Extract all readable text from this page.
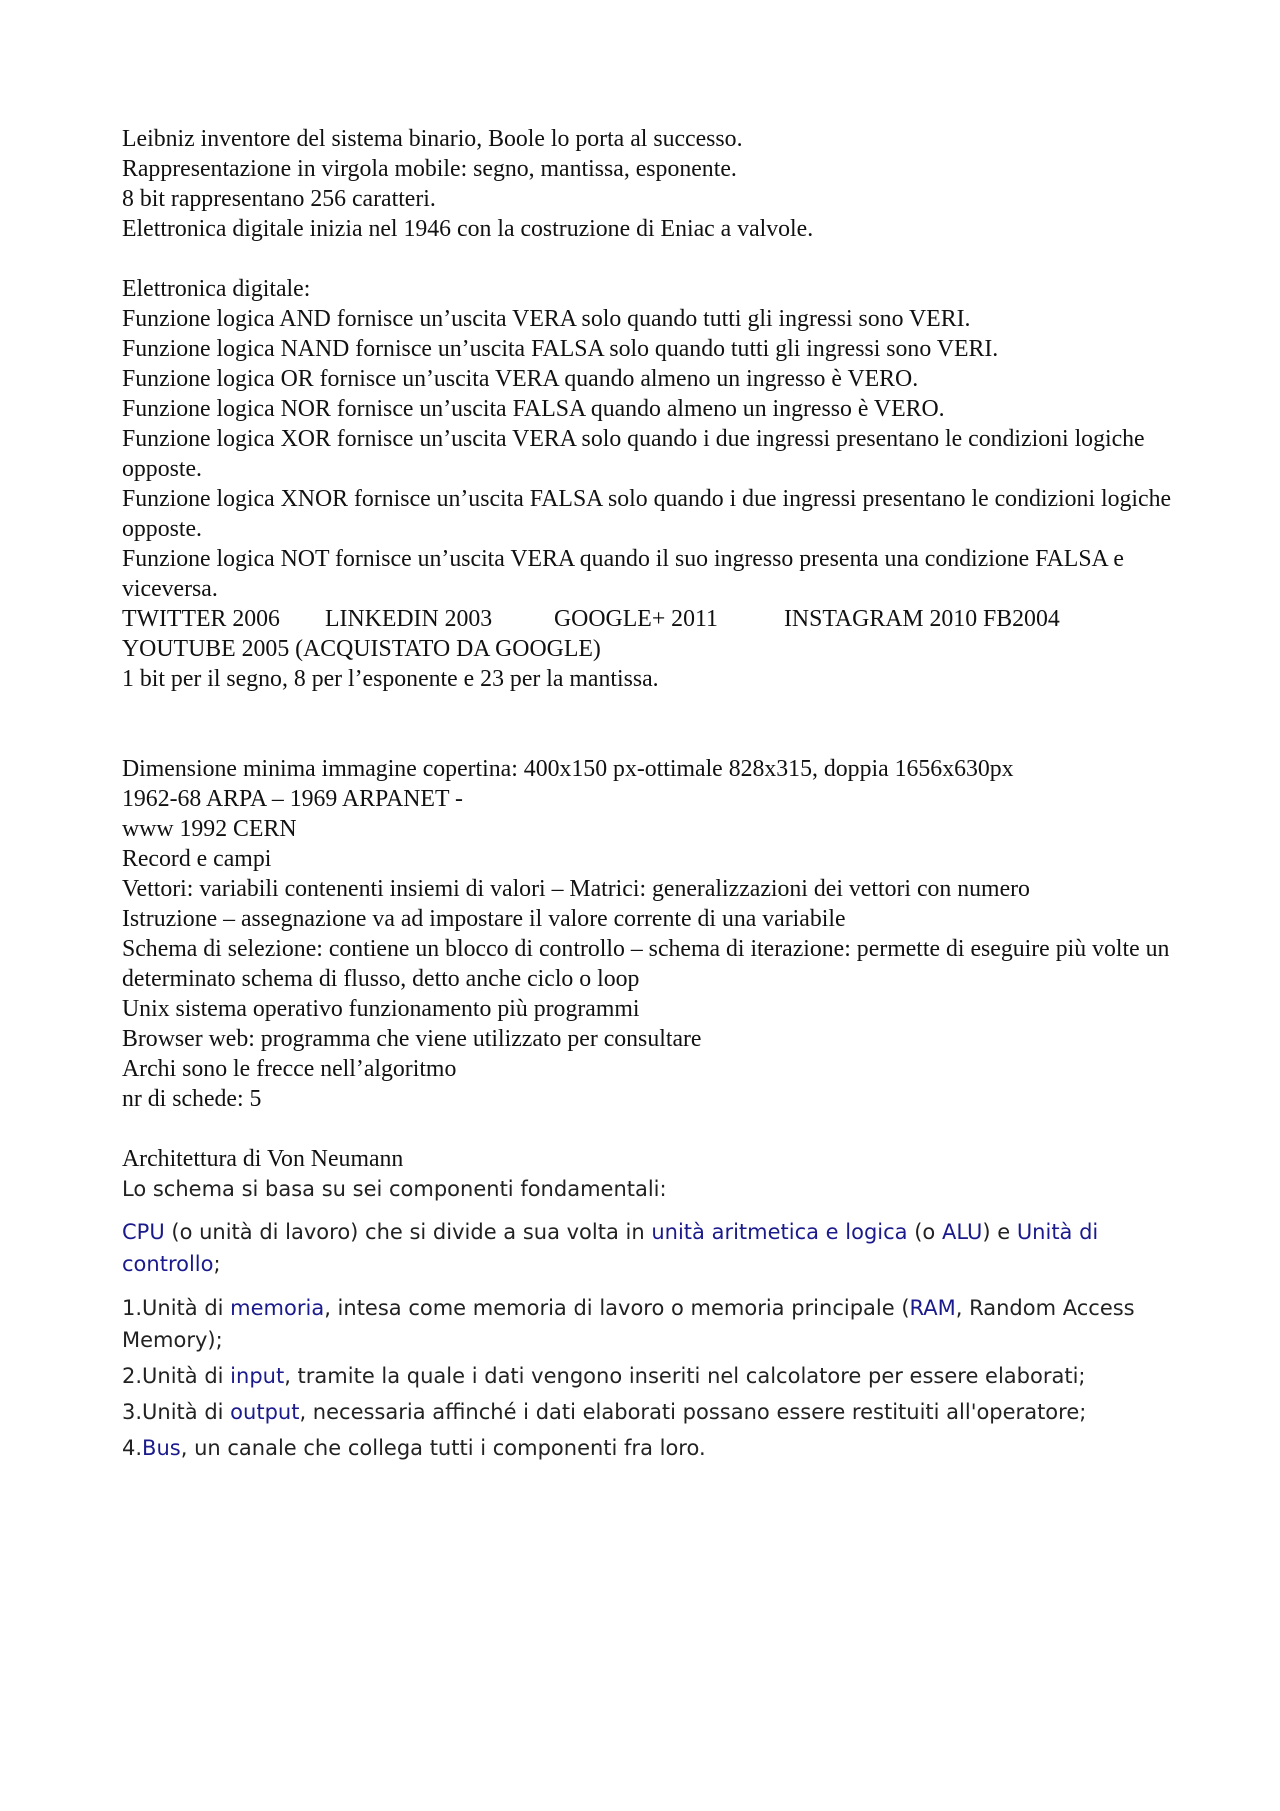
Leibniz inventore del sistema binario, Boole lo porta al successo.

Rappresentazione in virgola mobile: segno, mantissa, esponente.

8 bit rappresentano 256 caratteri.

Elettronica digitale inizia nel 1946 con la costruzione di Eniac a valvole.

Elettronica digitale:

Funzione logica AND fornisce un’uscita VERA solo quando tutti gli ingressi sono VERI.

Funzione logica NAND fornisce un’uscita FALSA solo quando tutti gli ingressi sono VERI.

Funzione logica OR fornisce un’uscita VERA quando almeno un ingresso è VERO.

Funzione logica NOR fornisce un’uscita FALSA quando almeno un ingresso è VERO.

Funzione logica XOR fornisce un’uscita VERA solo quando i due ingressi presentano le condizioni logiche opposte.

Funzione logica XNOR fornisce un’uscita FALSA solo quando i due ingressi presentano le condizioni logiche opposte.

Funzione logica NOT fornisce un’uscita VERA quando il suo ingresso presenta una condizione FALSA e viceversa.

TWITTER 2006 LINKEDIN 2003	GOOGLE+ 2011	INSTAGRAM 2010 FB2004

YOUTUBE 2005 (ACQUISTATO DA GOOGLE)

1 bit per il segno, 8 per l’esponente e 23 per la mantissa.

Dimensione minima immagine copertina: 400x150 px-ottimale 828x315, doppia 1656x630px

1962-68 ARPA – 1969 ARPANET -

www 1992 CERN

Record e campi

Vettori: variabili contenenti insiemi di valori – Matrici: generalizzazioni dei vettori con numero

Istruzione – assegnazione va ad impostare il valore corrente di una variabile

Schema di selezione: contiene un blocco di controllo – schema di iterazione: permette di eseguire più volte un determinato schema di flusso, detto anche ciclo o loop

Unix sistema operativo funzionamento più programmi

Browser web: programma che viene utilizzato per consultare

Archi sono le frecce nell’algoritmo

nr di schede: 5

Architettura di Von Neumann

Lo schema si basa su sei componenti fondamentali:

CPU (o unità di lavoro) che si divide a sua volta in unità aritmetica e logica (o ALU) e Unità di controllo;

1.Unità di memoria, intesa come memoria di lavoro o memoria principale (RAM, Random Access Memory);

2.Unità di input, tramite la quale i dati vengono inseriti nel calcolatore per essere elaborati;

3.Unità di output, necessaria affinché i dati elaborati possano essere restituiti all'operatore;

4.Bus, un canale che collega tutti i componenti fra loro.
